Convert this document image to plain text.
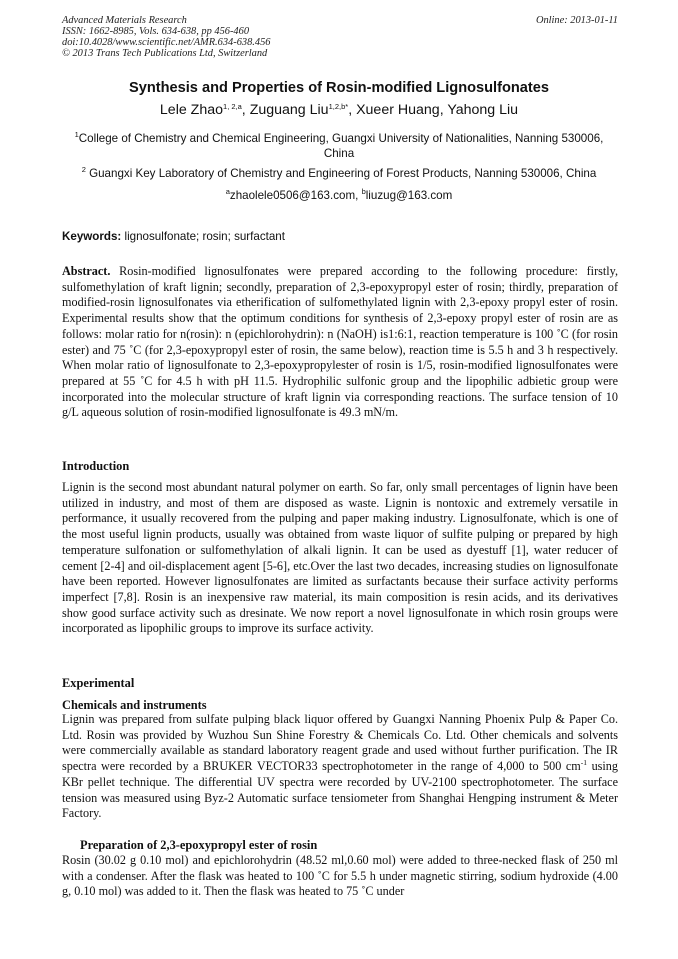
Advanced Materials Research
ISSN: 1662-8985, Vols. 634-638, pp 456-460
doi:10.4028/www.scientific.net/AMR.634-638.456
© 2013 Trans Tech Publications Ltd, Switzerland
Online: 2013-01-11
Synthesis and Properties of Rosin-modified Lignosulfonates
Lele Zhao$^{1, 2,a}$, Zuguang Liu$^{1,2,b*}$, Xueer Huang, Yahong Liu
$^1$College of Chemistry and Chemical Engineering, Guangxi University of Nationalities, Nanning 530006, China
$^2$ Guangxi Key Laboratory of Chemistry and Engineering of Forest Products, Nanning 530006, China
$^a$zhaolele0506@163.com, $^b$liuzug@163.com
Keywords: lignosulfonate; rosin; surfactant
Abstract. Rosin-modified lignosulfonates were prepared according to the following procedure: firstly, sulfomethylation of kraft lignin; secondly, preparation of 2,3-epoxypropyl ester of rosin; thirdly, preparation of modified-rosin lignosulfonates via etherification of sulfomethylated lignin with 2,3-epoxy propyl ester of rosin. Experimental results show that the optimum conditions for synthesis of 2,3-epoxy propyl ester of rosin are as follows: molar ratio for n(rosin): n (epichlorohydrin): n (NaOH) is1:6:1, reaction temperature is 100 ˚C (for rosin ester) and 75 ˚C (for 2,3-epoxypropyl ester of rosin, the same below), reaction time is 5.5 h and 3 h respectively. When molar ratio of lignosulfonate to 2,3-epoxypropylester of rosin is 1/5, rosin-modified lignosulfonates were prepared at 55 ˚C for 4.5 h with pH 11.5. Hydrophilic sulfonic group and the lipophilic adbietic group were incorporated into the molecular structure of kraft lignin via corresponding reactions. The surface tension of 10 g/L aqueous solution of rosin-modified lignosulfonate is 49.3 mN/m.
Introduction
Lignin is the second most abundant natural polymer on earth. So far, only small percentages of lignin have been utilized in industry, and most of them are disposed as waste. Lignin is nontoxic and extremely versatile in performance, it usually recovered from the pulping and paper making industry. Lignosulfonate, which is one of the most useful lignin products, usually was obtained from waste liquor of sulfite pulping or prepared by high temperature sulfonation or sulfomethylation of alkali lignin. It can be used as dyestuff [1], water reducer of cement [2-4] and oil-displacement agent [5-6], etc.Over the last two decades, increasing studies on lignosulfonate have been reported. However lignosulfonates are limited as surfactants because their surface activity performs imperfect [7,8]. Rosin is an inexpensive raw material, its main composition is resin acids, and its derivatives show good surface activity such as dresinate. We now report a novel lignosulfonate in which rosin groups were incorporated as lipophilic groups to improve its surface activity.
Experimental
Chemicals and instruments
Lignin was prepared from sulfate pulping black liquor offered by Guangxi Nanning Phoenix Pulp & Paper Co. Ltd. Rosin was provided by Wuzhou Sun Shine Forestry & Chemicals Co. Ltd. Other chemicals and solvents were commercially available as standard laboratory reagent grade and used without further purification. The IR spectra were recorded by a BRUKER VECTOR33 spectrophotometer in the range of 4,000 to 500 $cm^{-1}$ using KBr pellet technique. The differential UV spectra were recorded by UV-2100 spectrophotometer. The surface tension was measured using Byz-2 Automatic surface tensiometer from Shanghai Hengping instrument & Meter Factory.
Preparation of 2,3-epoxypropyl ester of rosin
Rosin (30.02 g 0.10 mol) and epichlorohydrin (48.52 ml,0.60 mol) were added to three-necked flask of 250 ml with a condenser. After the flask was heated to 100 ˚C for 5.5 h under magnetic stirring, sodium hydroxide (4.00 g, 0.10 mol) was added to it. Then the flask was heated to 75 ˚C under
